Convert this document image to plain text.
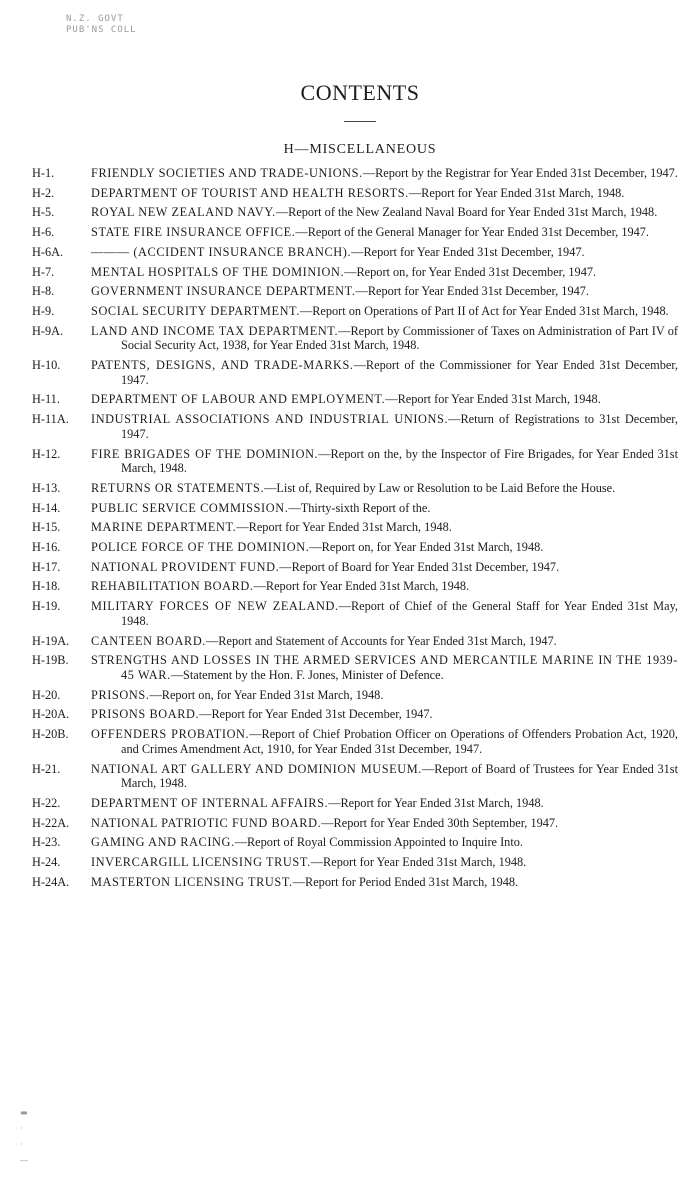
N.Z. GOVT
PUB'NS COLL
CONTENTS
H—MISCELLANEOUS
H-1.	FRIENDLY SOCIETIES AND TRADE-UNIONS.—Report by the Registrar for Year Ended 31st December, 1947.
H-2.	DEPARTMENT OF TOURIST AND HEALTH RESORTS.—Report for Year Ended 31st March, 1948.
H-5.	ROYAL NEW ZEALAND NAVY.—Report of the New Zealand Naval Board for Year Ended 31st March, 1948.
H-6.	STATE FIRE INSURANCE OFFICE.—Report of the General Manager for Year Ended 31st December, 1947.
H-6A.	——— (ACCIDENT INSURANCE BRANCH).—Report for Year Ended 31st December, 1947.
H-7.	MENTAL HOSPITALS OF THE DOMINION.—Report on, for Year Ended 31st December, 1947.
H-8.	GOVERNMENT INSURANCE DEPARTMENT.—Report for Year Ended 31st December, 1947.
H-9.	SOCIAL SECURITY DEPARTMENT.—Report on Operations of Part II of Act for Year Ended 31st March, 1948.
H-9A.	LAND AND INCOME TAX DEPARTMENT.—Report by Commissioner of Taxes on Administration of Part IV of Social Security Act, 1938, for Year Ended 31st March, 1948.
H-10.	PATENTS, DESIGNS, AND TRADE-MARKS.—Report of the Commissioner for Year Ended 31st December, 1947.
H-11.	DEPARTMENT OF LABOUR AND EMPLOYMENT.—Report for Year Ended 31st March, 1948.
H-11A.	INDUSTRIAL ASSOCIATIONS AND INDUSTRIAL UNIONS.—Return of Registrations to 31st December, 1947.
H-12.	FIRE BRIGADES OF THE DOMINION.—Report on the, by the Inspector of Fire Brigades, for Year Ended 31st March, 1948.
H-13.	RETURNS OR STATEMENTS.—List of, Required by Law or Resolution to be Laid Before the House.
H-14.	PUBLIC SERVICE COMMISSION.—Thirty-sixth Report of the.
H-15.	MARINE DEPARTMENT.—Report for Year Ended 31st March, 1948.
H-16.	POLICE FORCE OF THE DOMINION.—Report on, for Year Ended 31st March, 1948.
H-17.	NATIONAL PROVIDENT FUND.—Report of Board for Year Ended 31st December, 1947.
H-18.	REHABILITATION BOARD.—Report for Year Ended 31st March, 1948.
H-19.	MILITARY FORCES OF NEW ZEALAND.—Report of Chief of the General Staff for Year Ended 31st May, 1948.
H-19A.	CANTEEN BOARD.—Report and Statement of Accounts for Year Ended 31st March, 1947.
H-19B.	STRENGTHS AND LOSSES IN THE ARMED SERVICES AND MERCANTILE MARINE IN THE 1939-45 WAR.—Statement by the Hon. F. Jones, Minister of Defence.
H-20.	PRISONS.—Report on, for Year Ended 31st March, 1948.
H-20A.	PRISONS BOARD.—Report for Year Ended 31st December, 1947.
H-20B.	OFFENDERS PROBATION.—Report of Chief Probation Officer on Operations of Offenders Probation Act, 1920, and Crimes Amendment Act, 1910, for Year Ended 31st December, 1947.
H-21.	NATIONAL ART GALLERY AND DOMINION MUSEUM.—Report of Board of Trustees for Year Ended 31st March, 1948.
H-22.	DEPARTMENT OF INTERNAL AFFAIRS.—Report for Year Ended 31st March, 1948.
H-22A.	NATIONAL PATRIOTIC FUND BOARD.—Report for Year Ended 30th September, 1947.
H-23.	GAMING AND RACING.—Report of Royal Commission Appointed to Inquire Into.
H-24.	INVERCARGILL LICENSING TRUST.—Report for Year Ended 31st March, 1948.
H-24A.	MASTERTON LICENSING TRUST.—Report for Period Ended 31st March, 1948.
▬
·
·
―
